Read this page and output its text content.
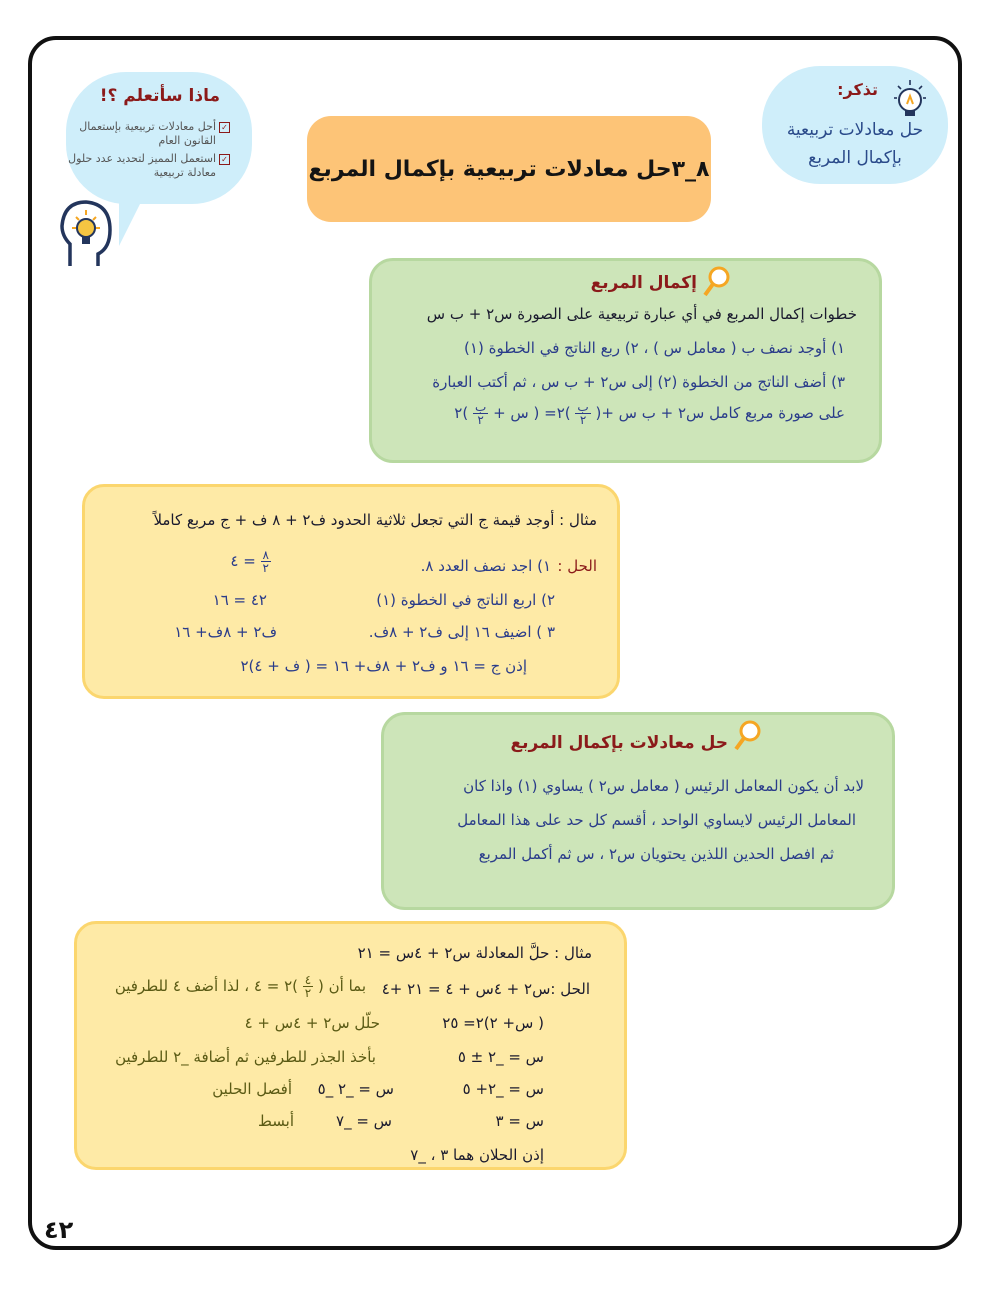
ماذا سأتعلم ؟!
✓
أحل معادلات تربيعية بإستعمال القانون العام
✓
استعمل المميز لتحديد عدد حلول معادلة تربيعية
تذكر:
حل معادلات تربيعية
بإكمال المربع
٨_٣حل معادلات تربيعية بإكمال المربع
إكمال المربع
خطوات إكمال المربع في أي عبارة تربيعية على الصورة س٢ + ب س
١) أوجد نصف ب ( معامل س ) ، ٢) ربع الناتج في الخطوة (١)
٣) أضف الناتج من الخطوة (٢) إلى س٢ + ب س ، ثم أكتب العبارة
على صورة مربع كامل س٢ + ب س +(
$\frac{\text{ب}}{٢}$
)٢= ( س +
$\frac{\text{ب}}{٢}$
)٢
مثال : أوجد قيمة ج التي تجعل ثلاثية الحدود ف٢ + ٨ ف + ج مربع كاملاً
الحل :
١) اجد نصف العدد ٨.
$\frac{٨}{٢}$
= ٤
٢) اربع الناتج في الخطوة (١)
٤٢ = ١٦
٣ ) اضيف ١٦ إلى ف٢ + ٨ف.
ف٢ + ٨ف+ ١٦
إذن ج = ١٦ و ف٢ + ٨ف+ ١٦ = ( ف + ٤)٢
حل معادلات بإكمال المربع
لابد أن يكون المعامل الرئيس ( معامل س٢ ) يساوي (١) واذا كان
المعامل الرئيس لايساوي الواحد ، أقسم كل حد على هذا المعامل
ثم افصل الحدين اللذين يحتويان س٢ ، س ثم أكمل المربع
مثال : حلَّ المعادلة س٢ + ٤س = ٢١
الحل :س٢ + ٤س + ٤ = ٢١ +٤
بما أن (
$\frac{٤}{٢}$
)٢ = ٤ ، لذا أضف ٤ للطرفين
( س+ ٢)٢= ٢٥
حلّل س٢ + ٤س + ٤
س = _٢ ± ٥
بأخذ الجذر للطرفين ثم أضافة _٢ للطرفين
س = _٢+ ٥
س = _٢ _٥
أفصل الحلين
س = ٣
س = _٧
أبسط
إذن الحلان هما ٣ ، _٧
٤٢
